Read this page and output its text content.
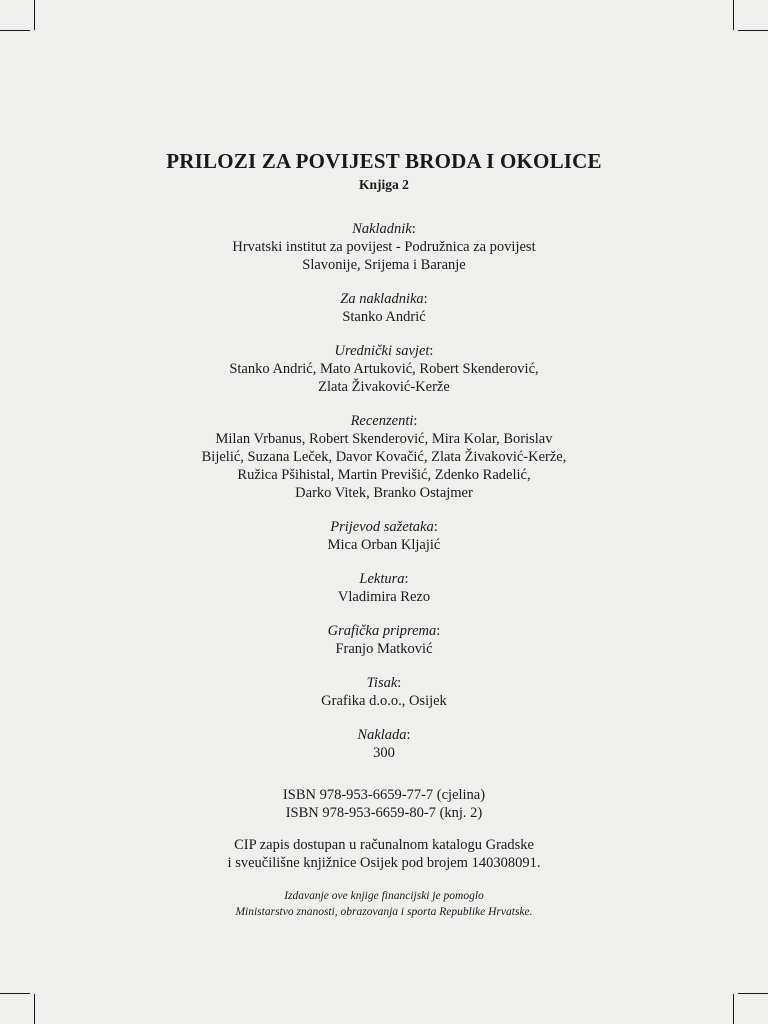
PRILOZI ZA POVIJEST BRODA I OKOLICE
Knjiga 2
Nakladnik:
Hrvatski institut za povijest - Podružnica za povijest
Slavonije, Srijema i Baranje
Za nakladnika:
Stanko Andrić
Urednički savjet:
Stanko Andrić, Mato Artuković, Robert Skenderović,
Zlata Živaković-Kerže
Recenzenti:
Milan Vrbanus, Robert Skenderović, Mira Kolar, Borislav
Bijelić, Suzana Leček, Davor Kovačić, Zlata Živaković-Kerže,
Ružica Pšihistal, Martin Previšić, Zdenko Radelić,
Darko Vitek, Branko Ostajmer
Prijevod sažetaka:
Mica Orban Kljajić
Lektura:
Vladimira Rezo
Grafička priprema:
Franjo Matković
Tisak:
Grafika d.o.o., Osijek
Naklada:
300
ISBN 978-953-6659-77-7 (cjelina)
ISBN 978-953-6659-80-7 (knj. 2)
CIP zapis dostupan u računalnom katalogu Gradske
i sveučilišne knjižnice Osijek pod brojem 140308091.
Izdavanje ove knjige financijski je pomoglo
Ministarstvo znanosti, obrazovanja i sporta Republike Hrvatske.
